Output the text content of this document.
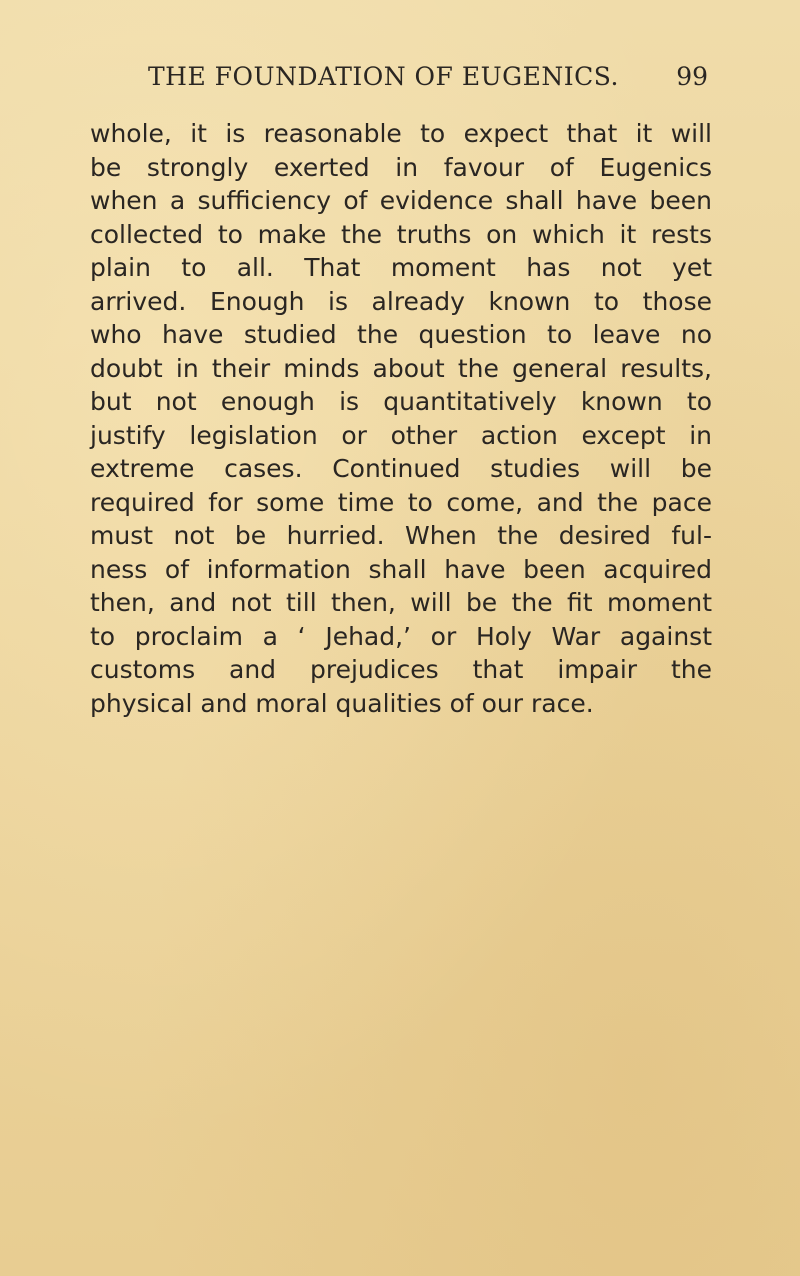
THE FOUNDATION OF EUGENICS. 99
whole, it is reasonable to expect that it will
be strongly exerted in favour of Eugenics
when a sufficiency of evidence shall have been
collected to make the truths on which it rests
plain to all. That moment has not yet
arrived. Enough is already known to those
who have studied the question to leave no
doubt in their minds about the general results,
but not enough is quantitatively known to
justify legislation or other action except in
extreme cases. Continued studies will be
required for some time to come, and the pace
must not be hurried. When the desired ful-
ness of information shall have been acquired
then, and not till then, will be the fit moment
to proclaim a ‘ Jehad,’ or Holy War against
customs and prejudices that impair the
physical and moral qualities of our race.
